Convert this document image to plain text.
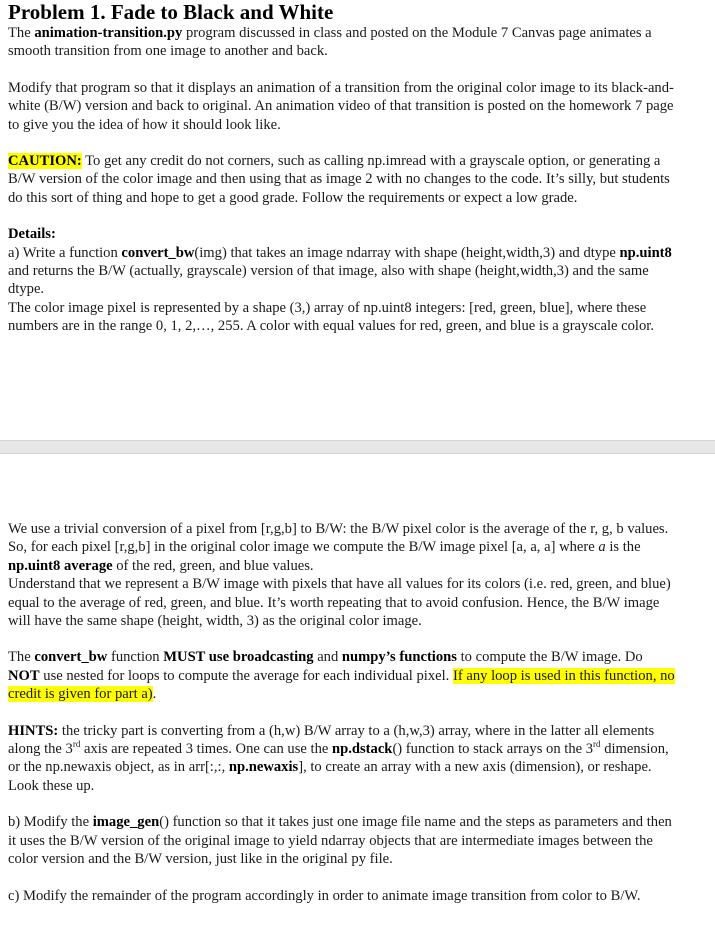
Problem 1. Fade to Black and White

The animation-transition.py program discussed in class and posted on the Module 7 Canvas page animates a smooth transition from one image to another and back.

Modify that program so that it displays an animation of a transition from the original color image to its black-and-white (B/W) version and back to original. An animation video of that transition is posted on the homework 7 page to give you the idea of how it should look like.

CAUTION: To get any credit do not corners, such as calling np.imread with a grayscale option, or generating a B/W version of the color image and then using that as image 2 with no changes to the code. It’s silly, but students do this sort of thing and hope to get a good grade. Follow the requirements or expect a low grade.

Details:

a) Write a function convert_bw(img) that takes an image ndarray with shape (height,width,3) and dtype np.uint8 and returns the B/W (actually, grayscale) version of that image, also with shape (height,width,3) and the same dtype.

The color image pixel is represented by a shape (3,) array of np.uint8 integers: [red, green, blue], where these numbers are in the range 0, 1, 2,…, 255. A color with equal values for red, green, and blue is a grayscale color.

We use a trivial conversion of a pixel from [r,g,b] to B/W: the B/W pixel color is the average of the r, g, b values. So, for each pixel [r,g,b] in the original color image we compute the B/W image pixel [a, a, a] where a is the np.uint8 average of the red, green, and blue values.

Understand that we represent a B/W image with pixels that have all values for its colors (i.e. red, green, and blue) equal to the average of red, green, and blue. It’s worth repeating that to avoid confusion. Hence, the B/W image will have the same shape (height, width, 3) as the original color image.

The convert_bw function MUST use broadcasting and numpy’s functions to compute the B/W image. Do NOT use nested for loops to compute the average for each individual pixel. If any loop is used in this function, no credit is given for part a).

HINTS: the tricky part is converting from a (h,w) B/W array to a (h,w,3) array, where in the latter all elements along the 3rd axis are repeated 3 times. One can use the np.dstack() function to stack arrays on the 3rd dimension, or the np.newaxis object, as in arr[:,:, np.newaxis], to create an array with a new axis (dimension), or reshape. Look these up.

b) Modify the image_gen() function so that it takes just one image file name and the steps as parameters and then it uses the B/W version of the original image to yield ndarray objects that are intermediate images between the color version and the B/W version, just like in the original py file.

c) Modify the remainder of the program accordingly in order to animate image transition from color to B/W.
